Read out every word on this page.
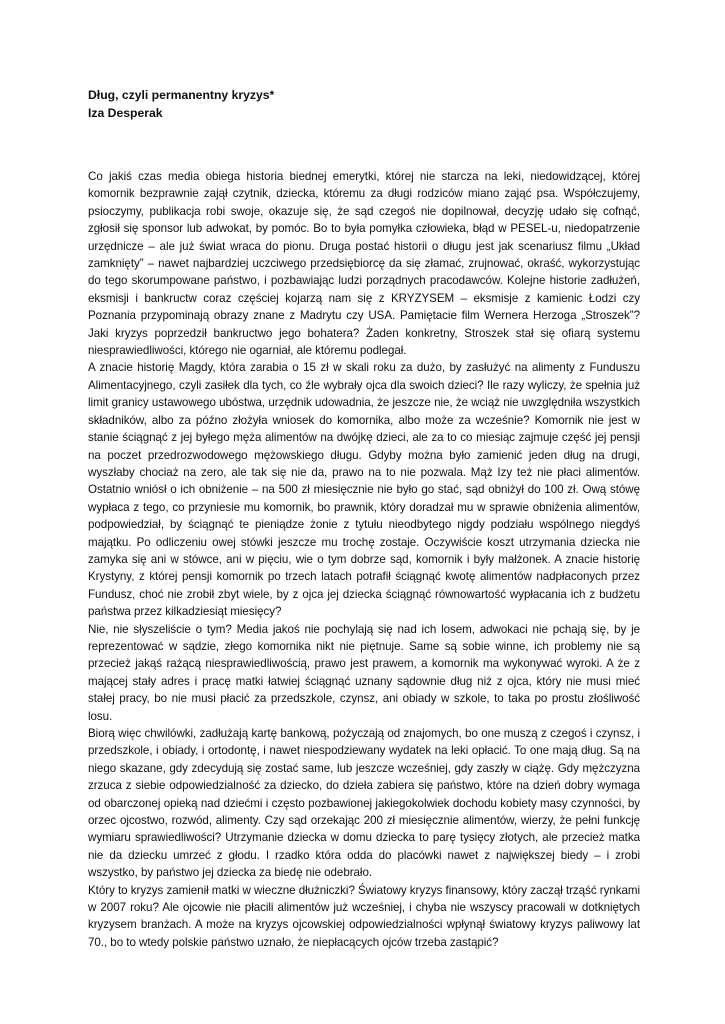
Dług, czyli permanentny kryzys*

Iza Desperak

Co jakiś czas media obiega historia biednej emerytki, której nie starcza na leki, niedowidzącej, której komornik bezprawnie zajął czytnik, dziecka, któremu za długi rodziców miano zająć psa. Współczujemy, psioczymy, publikacja robi swoje, okazuje się, że sąd czegoś nie dopilnował, decyzję udało się cofnąć, zgłosił się sponsor lub adwokat, by pomóc. Bo to była pomyłka człowieka, błąd w PESEL-u, niedopatrzenie urzędnicze – ale już świat wraca do pionu. Druga postać historii o długu jest jak scenariusz filmu „Układ zamknięty” – nawet najbardziej uczciwego przedsiębiorcę da się złamać, zrujnować, okraść, wykorzystując do tego skorumpowane państwo, i pozbawiając ludzi porządnych pracodawców. Kolejne historie zadłużeń, eksmisji i bankructw coraz częściej kojarzą nam się z KRYZYSEM – eksmisje z kamienic Łodzi czy Poznania przypominają obrazy znane z Madrytu czy USA. Pamiętacie film Wernera Herzoga „Stroszek”? Jaki kryzys poprzedził bankructwo jego bohatera? Żaden konkretny, Stroszek stał się ofiarą systemu niesprawiedliwości, którego nie ogarniał, ale któremu podlegał.

A znacie historię Magdy, która zarabia o 15 zł w skali roku za dużo, by zasłużyć na alimenty z Funduszu Alimentacyjnego, czyli zasiłek dla tych, co źle wybrały ojca dla swoich dzieci? Ile razy wyliczy, że spełnia już limit granicy ustawowego ubóstwa, urzędnik udowadnia, że jeszcze nie, że wciąż nie uwzględniła wszystkich składników, albo za późno złożyła wniosek do komornika, albo może za wcześnie? Komornik nie jest w stanie ściągnąć z jej byłego męża alimentów na dwójkę dzieci, ale za to co miesiąc zajmuje część jej pensji na poczet przedrozwodowego mężowskiego długu. Gdyby można było zamienić jeden dług na drugi, wyszłaby chociaż na zero, ale tak się nie da, prawo na to nie pozwala. Mąż Izy też nie płaci alimentów. Ostatnio wniósł o ich obniżenie – na 500 zł miesięcznie nie było go stać, sąd obniżył do 100 zł. Ową stówę wypłaca z tego, co przyniesie mu komornik, bo prawnik, który doradzał mu w sprawie obniżenia alimentów, podpowiedział, by ściągnąć te pieniądze żonie z tytułu nieodbytego nigdy podziału wspólnego niegdyś majątku. Po odliczeniu owej stówki jeszcze mu trochę zostaje. Oczywiście koszt utrzymania dziecka nie zamyka się ani w stówce, ani w pięciu, wie o tym dobrze sąd, komornik i były małżonek. A znacie historię Krystyny, z której pensji komornik po trzech latach potrafił ściągnąć kwotę alimentów nadpłaconych przez Fundusz, choć nie zrobił zbyt wiele, by z ojca jej dziecka ściągnąć równowartość wypłacania ich z budżetu państwa przez kilkadziesiąt miesięcy?

Nie, nie słyszeliście o tym? Media jakoś nie pochylają się nad ich losem, adwokaci nie pchają się, by je reprezentować w sądzie, złego komornika nikt nie piętnuje. Same są sobie winne, ich problemy nie są przecież jakąś rażącą niesprawiedliwością, prawo jest prawem, a komornik ma wykonywać wyroki. A że z mającej stały adres i pracę matki łatwiej ściągnąć uznany sądownie dług niż z ojca, który nie musi mieć stałej pracy, bo nie musi płacić za przedszkole, czynsz, ani obiady w szkole, to taka po prostu złośliwość losu.

Biorą więc chwilówki, zadłużają kartę bankową, pożyczają od znajomych, bo one muszą z czegoś i czynsz, i przedszkole, i obiady, i ortodontę, i nawet niespodziewany wydatek na leki opłacić. To one mają dług. Są na niego skazane, gdy zdecydują się zostać same, lub jeszcze wcześniej, gdy zaszły w ciążę. Gdy mężczyzna zrzuca z siebie odpowiedzialność za dziecko, do dzieła zabiera się państwo, które na dzień dobry wymaga od obarczonej opieką nad dziećmi i często pozbawionej jakiegokolwiek dochodu kobiety masy czynności, by orzec ojcostwo, rozwód, alimenty. Czy sąd orzekając 200 zł miesięcznie alimentów, wierzy, że pełni funkcję wymiaru sprawiedliwości? Utrzymanie dziecka w domu dziecka to parę tysięcy złotych, ale przecież matka nie da dziecku umrzeć z głodu. I rzadko która odda do placówki nawet z największej biedy – i zrobi wszystko, by państwo jej dziecka za biedę nie odebrało.

Który to kryzys zamienił matki w wieczne dłużniczki? Światowy kryzys finansowy, który zaczął trząść rynkami w 2007 roku? Ale ojcowie nie płacili alimentów już wcześniej, i chyba nie wszyscy pracowali w dotkniętych kryzysem branżach. A może na kryzys ojcowskiej odpowiedzialności wpłynął światowy kryzys paliwowy lat 70., bo to wtedy polskie państwo uznało, że niepłacących ojców trzeba zastąpić?
